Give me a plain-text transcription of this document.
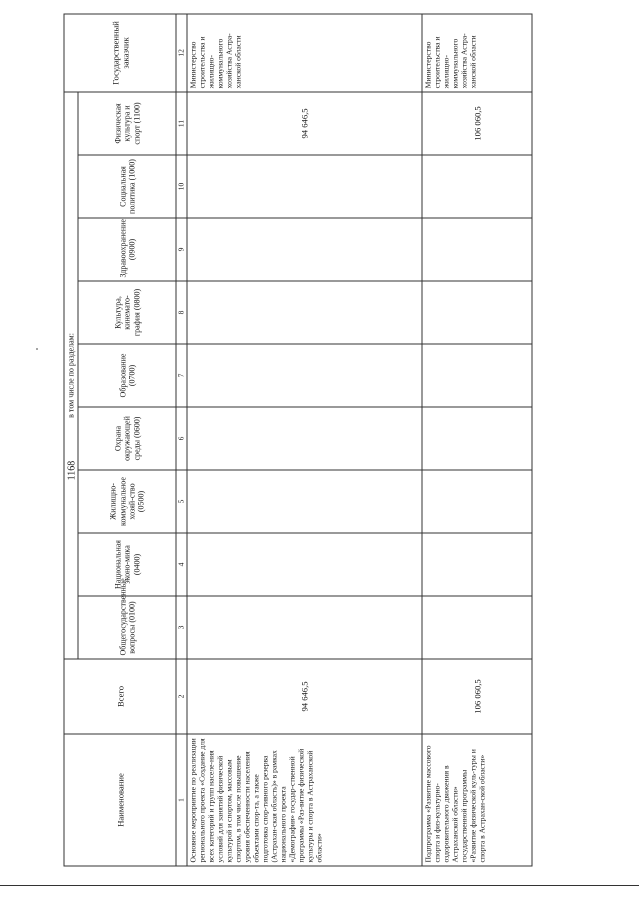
1168
Наименование	Всего	в том числе по разделам:									Государственный заказчик
		Общегосударственные вопросы (0100)	Национальная эконо-мика (0400)	Жилищно-коммунальное хозяй-ство (0500)	Охрана окружающей среды (0600)	Образование (0700)	Культура, кинемато-графия (0800)	Здравоохранение (0900)	Социальная политика (1000)	Физическая культура и спорт (1100)	
1	2	3	4	5	6	7	8	9	10	11	12
Основное мероприятие по реализации регионального проекта «Создание для всех категорий и групп населе-ния условий для занятий физической культурой и спортом, массовым спортом, в том числе повышение уровня обеспеченности населения объектами спор-та, а также подготовка спор-тивного резерва (Астрахан-ская область)» в рамках национального проекта «Демография» государ-ственной программы «Раз-витие физической культуры и спорта в Астраханской области»	94 646,5									94 646,5	Министерство строительства и жилищно-коммунального хозяйства Астра-ханской области
Подпрограмма «Развитие массового спорта и физ-культурно-оздоровительного движения в Астраханской области» государственной программы «Развитие физической куль-туры и спорта в Астрахан-ской области»	106 060,5									106 060,5	Министерство строительства и жилищно-коммунального хозяйства Астра-ханской области
